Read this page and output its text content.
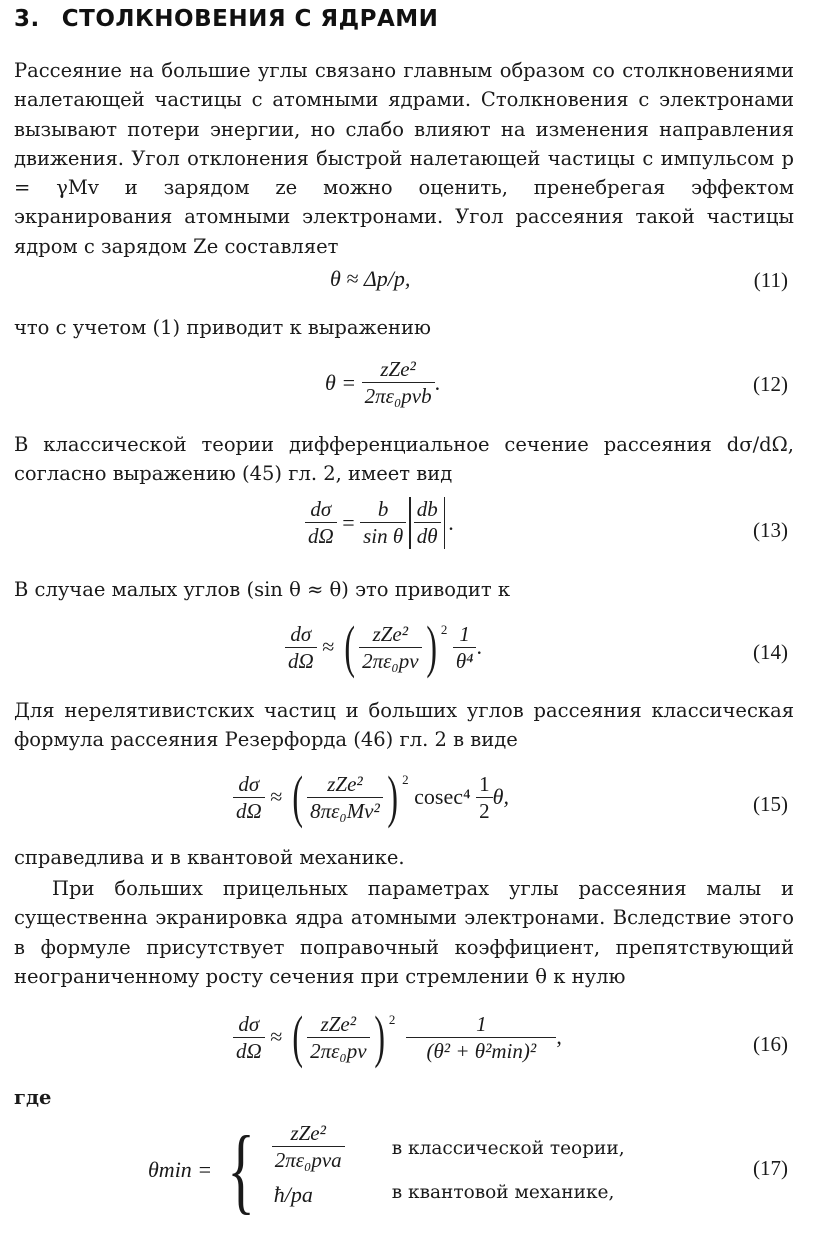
3. СТОЛКНОВЕНИЯ С ЯДРАМИ
Рассеяние на большие углы связано главным образом со столкновениями налетающей частицы с атомными ядрами. Столкновения с электронами вызывают потери энергии, но слабо влияют на изменения направления движения. Угол отклонения быстрой налетающей частицы с импульсом p = γMv и зарядом ze можно оценить, пренебрегая эффектом экранирования атомными электронами. Угол рассеяния такой частицы ядром с зарядом Ze составляет
θ ≈
Δp/p,	(11)
что с учетом (1) приводит к выражению
θ =
$\frac{\text{zZe²}}{\text{2πε₀pvb}}$ .	(12)
В классической теории дифференциальное сечение рассеяния dσ/dΩ, согласно выражению (45) гл. 2, имеет вид
$\frac{d\sigma}{d\Omega}$
=
$\frac{b}{\text{sin θ}} \frac{db}{d\theta}$ .	(13)
В случае малых углов (sin θ ≈ θ) это приводит к
$\frac{d\sigma}{d\Omega}$
≈
( $\frac{\text{zZe²}}{\text{2πε₀pv}}$ ) $^2$
$\frac{1}{\text{θ⁴}}$ .	(14)
Для нерелятивистских частиц и больших углов рассеяния классическая формула рассеяния Резерфорда (46) гл. 2 в виде
$\frac{d\sigma}{d\Omega}$
≈
( $\frac{\text{zZe²}}{\text{8πε₀Mv²}}$ ) $^2$

cosec⁴
$\frac{1}{2} \theta$,	(15)
справедлива и в квантовой механике.
При больших прицельных параметрах углы рассеяния малы и существенна экранировка ядра атомными электронами. Вследствие этого в формуле присутствует поправочный коэффициент, препятствующий неограниченному росту сечения при стремлении θ к нулю
$\frac{d\sigma}{d\Omega}$
≈
( $\frac{\text{zZe²}}{\text{2πε₀pv}}$ ) $^2$
$\frac{1}{\text{(θ² + θ²min)²}}$ ,	(16)
где
θmin =
{	zZe²
2πε₀pva	в классической теории,
ħ/pa	в квантовой механике,
(17)
